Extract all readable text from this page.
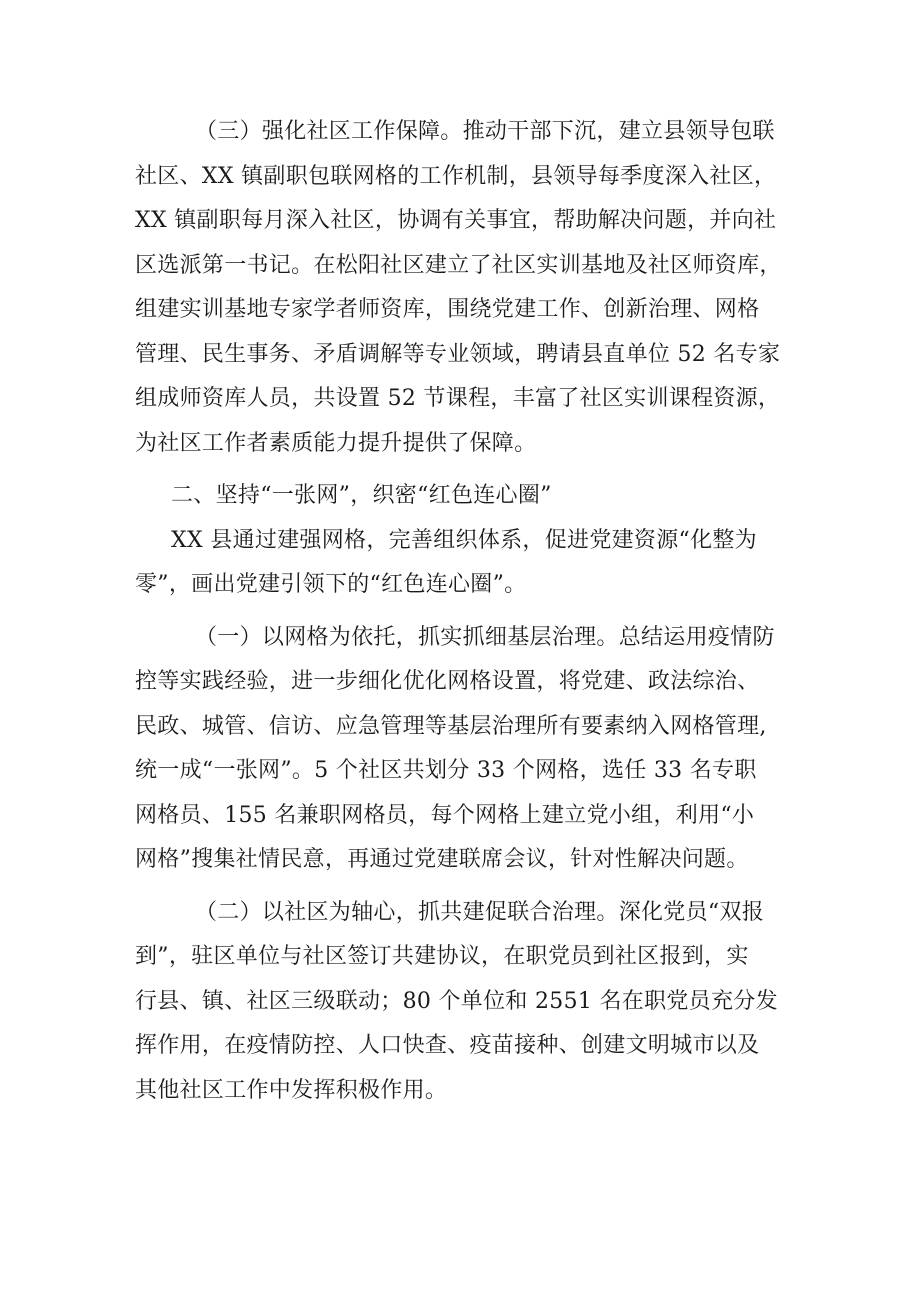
（三）强化社区工作保障。推动干部下沉，建立县领导包联
社区、XX 镇副职包联网格的工作机制，县领导每季度深入社区，
XX 镇副职每月深入社区，协调有关事宜，帮助解决问题，并向社
区选派第一书记。在松阳社区建立了社区实训基地及社区师资库，
组建实训基地专家学者师资库，围绕党建工作、创新治理、网格
管理、民生事务、矛盾调解等专业领域，聘请县直单位 52 名专家
组成师资库人员，共设置 52 节课程，丰富了社区实训课程资源，
为社区工作者素质能力提升提供了保障。
二、坚持“一张网”，织密“红色连心圈”
XX 县通过建强网格，完善组织体系，促进党建资源“化整为
零”，画出党建引领下的“红色连心圈”。
（一）以网格为依托，抓实抓细基层治理。总结运用疫情防
控等实践经验，进一步细化优化网格设置，将党建、政法综治、
民政、城管、信访、应急管理等基层治理所有要素纳入网格管理,
统一成“一张网”。5 个社区共划分 33 个网格，选任 33 名专职
网格员、155 名兼职网格员，每个网格上建立党小组，利用“小
网格”搜集社情民意，再通过党建联席会议，针对性解决问题。
（二）以社区为轴心，抓共建促联合治理。深化党员“双报
到”，驻区单位与社区签订共建协议，在职党员到社区报到，实
行县、镇、社区三级联动；80 个单位和 2551 名在职党员充分发
挥作用，在疫情防控、人口快查、疫苗接种、创建文明城市以及
其他社区工作中发挥积极作用。
